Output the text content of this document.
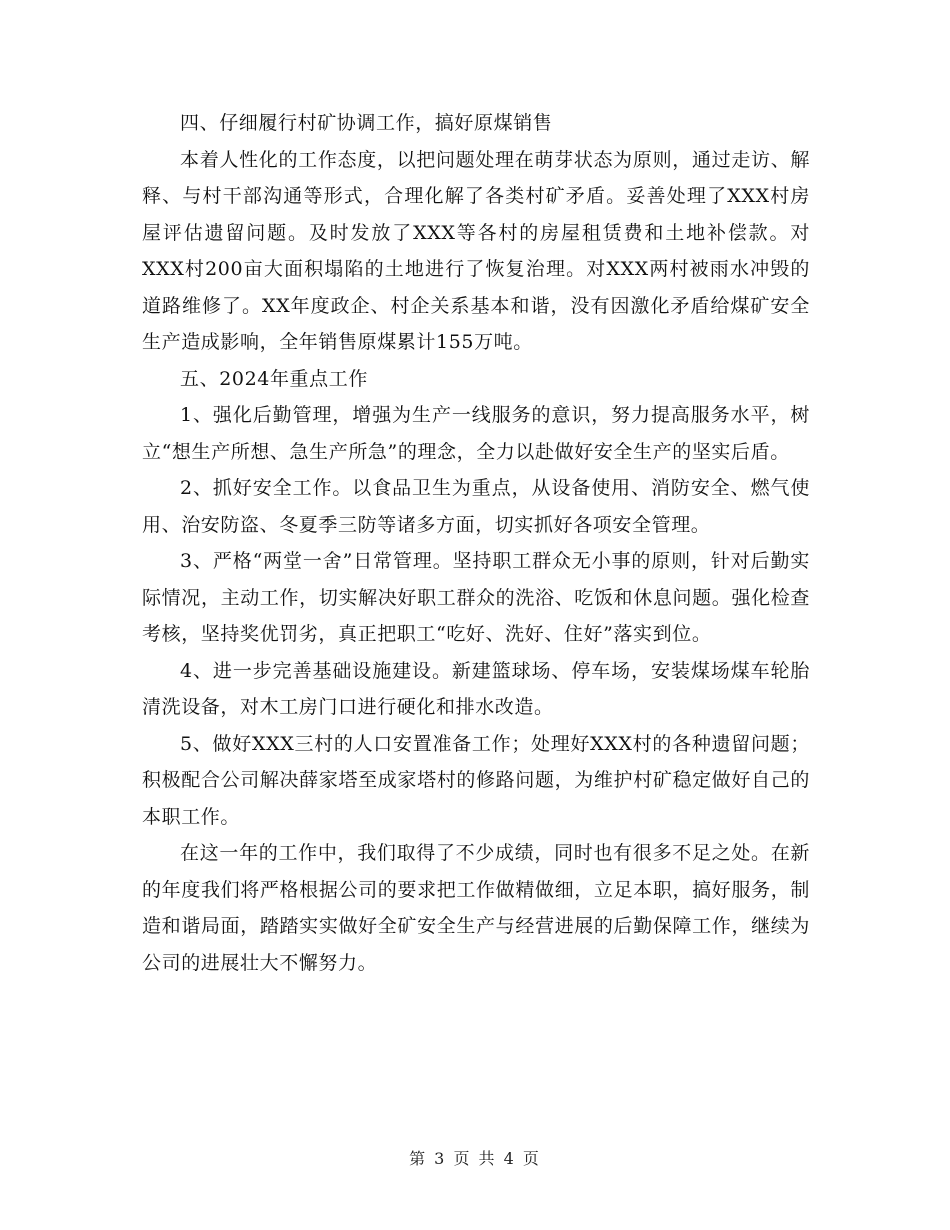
四、仔细履行村矿协调工作，搞好原煤销售

本着人性化的工作态度，以把问题处理在萌芽状态为原则，通过走访、解释、与村干部沟通等形式，合理化解了各类村矿矛盾。妥善处理了XXX村房屋评估遗留问题。及时发放了XXX等各村的房屋租赁费和土地补偿款。对XXX村200亩大面积塌陷的土地进行了恢复治理。对XXX两村被雨水冲毁的道路维修了。XX年度政企、村企关系基本和谐，没有因激化矛盾给煤矿安全生产造成影响，全年销售原煤累计155万吨。

五、2024年重点工作

1、强化后勤管理，增强为生产一线服务的意识，努力提高服务水平，树立“想生产所想、急生产所急”的理念，全力以赴做好安全生产的坚实后盾。

2、抓好安全工作。以食品卫生为重点，从设备使用、消防安全、燃气使用、治安防盗、冬夏季三防等诸多方面，切实抓好各项安全管理。

3、严格“两堂一舍”日常管理。坚持职工群众无小事的原则，针对后勤实际情况，主动工作，切实解决好职工群众的洗浴、吃饭和休息问题。强化检查考核，坚持奖优罚劣，真正把职工“吃好、洗好、住好”落实到位。

4、进一步完善基础设施建设。新建篮球场、停车场，安装煤场煤车轮胎清洗设备，对木工房门口进行硬化和排水改造。

5、做好XXX三村的人口安置准备工作；处理好XXX村的各种遗留问题；积极配合公司解决薛家塔至成家塔村的修路问题，为维护村矿稳定做好自己的本职工作。

在这一年的工作中，我们取得了不少成绩，同时也有很多不足之处。在新的年度我们将严格根据公司的要求把工作做精做细，立足本职，搞好服务，制造和谐局面，踏踏实实做好全矿安全生产与经营进展的后勤保障工作，继续为公司的进展壮大不懈努力。

第 3 页 共 4 页
